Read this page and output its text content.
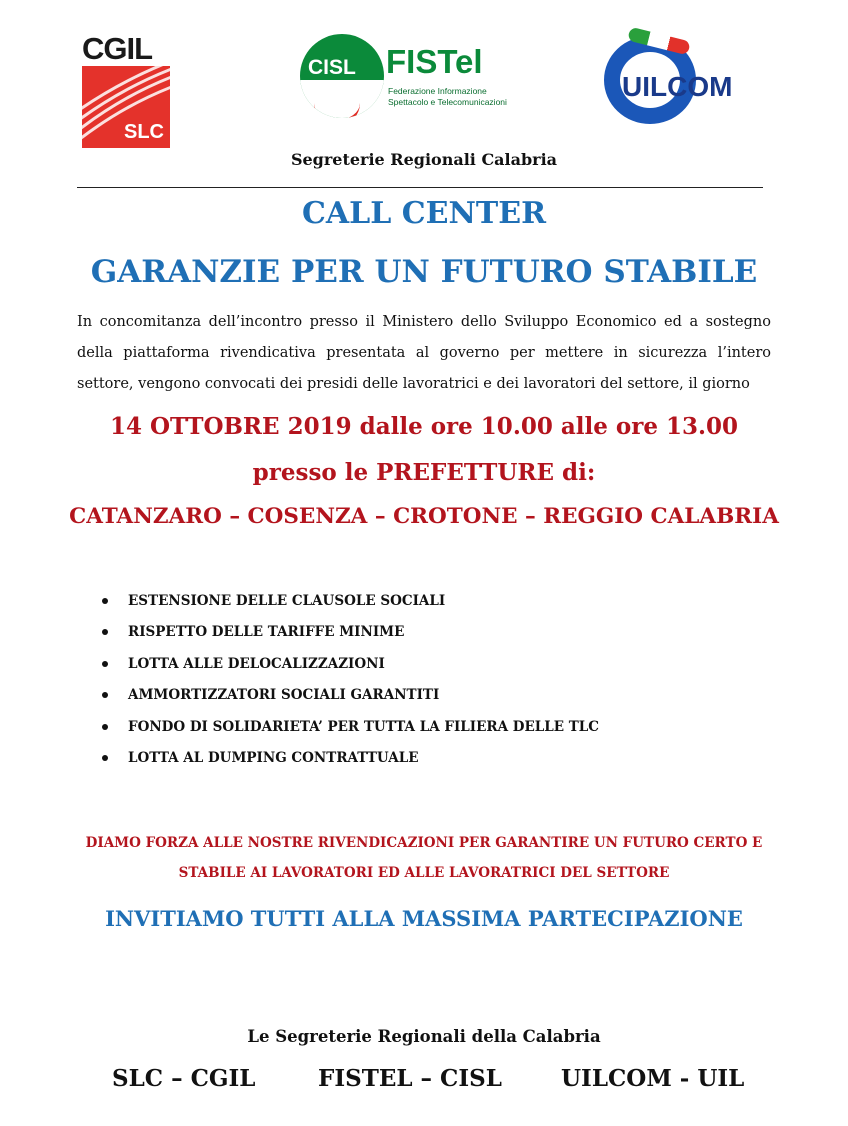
CGIL
SLC
CISL FISTel
Federazione Informazione
Spettacolo e Telecomunicazioni	UILCOM
Segreterie Regionali Calabria
CALL CENTER
GARANZIE PER UN FUTURO STABILE
In concomitanza dell’incontro presso il Ministero dello Sviluppo Economico ed a sostegno della piattaforma rivendicativa presentata al governo per mettere in sicurezza l’intero settore, vengono convocati dei presidi delle lavoratrici e dei lavoratori del settore, il giorno
14 OTTOBRE 2019 dalle ore 10.00 alle ore 13.00
presso le PREFETTURE di:
CATANZARO – COSENZA – CROTONE – REGGIO CALABRIA
ESTENSIONE DELLE CLAUSOLE SOCIALI
RISPETTO DELLE TARIFFE MINIME
LOTTA ALLE DELOCALIZZAZIONI
AMMORTIZZATORI SOCIALI GARANTITI
FONDO DI SOLIDARIETA’ PER TUTTA LA FILIERA DELLE TLC
LOTTA AL DUMPING CONTRATTUALE
DIAMO FORZA ALLE NOSTRE RIVENDICAZIONI PER GARANTIRE UN FUTURO CERTO E
STABILE AI LAVORATORI ED ALLE LAVORATRICI DEL SETTORE
INVITIAMO TUTTI ALLA MASSIMA PARTECIPAZIONE
Le Segreterie Regionali della Calabria
SLC – CGIL	FISTEL – CISL	UILCOM - UIL
